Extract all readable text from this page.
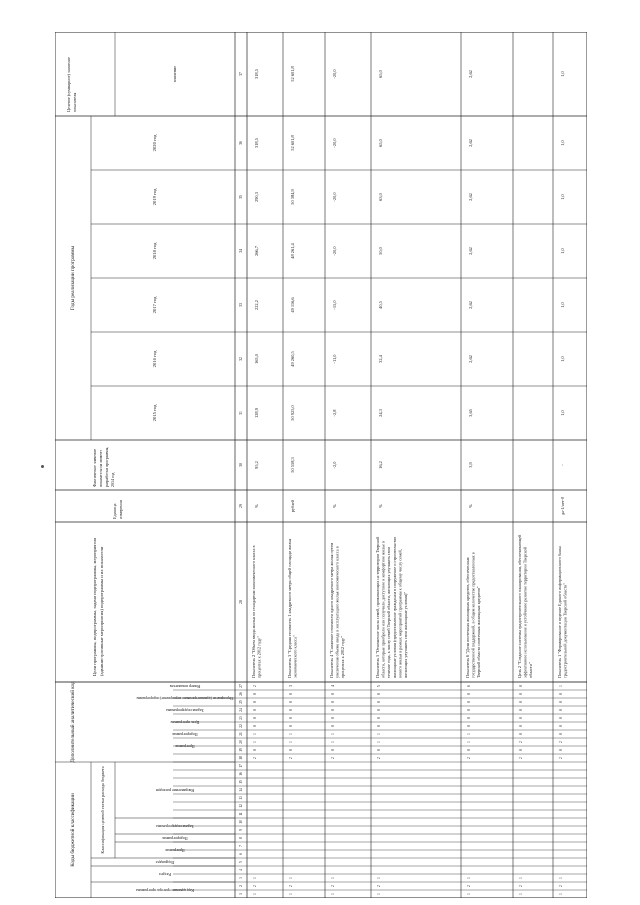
Коды бюджетной классификации
Дополнительный аналитический код
Код администратора программы
Раздел
Подраздел
Классификация целевой статьи расхода бюджета	Программа
Подпрограмма
Задача подпрограммы
Направление расходов
Программа
Подпрограмма
Цель программы
Задача подпрограммы
Мероприятие (административное мероприятие) подпрограммы
Номер показателя
Цели программы, подпрограммы, задачи подпрограммы, мероприятия (административные мероприятия) подпрограммы и их показатели
Единица измерения
Фактическое значение показателя на момент разработки программы, 2014 год
Годы реализации программы
2015 год
2016 год
2017 год
2018 год
2019 год
2020 год
Целевое (суммарное) значение показателя
значение
1
2
3
4
5
6
7
8
9
10
11
12
13
14
15
16
17
18
19
20
21
22
23
24
25
26
27
28
29
30
31
32
33
34
35
36
37
1
2
1
2
0
1
1
0
0
0
0
0
2
Показатель 2 "Объем ввода жилья по стандартам экономического класса в процентах к 2012 году"
%
95,2
128,9
163,0
222,2
266,7
290,3
318,5
318,5
1
2
1
2
0
1
1
0
0
0
0
0
3
Показатель 3 "Средняя стоимость 1 квадратного метра общей площади жилья экономического класса"
рублей
50 558,3
50 925,0
49 260,5
49 116,6
48 261,4
50 384,9
52 601,8
52 601,8
1
2
1
2
0
1
1
0
0
0
0
0
4
Показатель 4 "Снижение стоимости одного квадратного метра жилья путем увеличения объема ввода в эксплуатацию жилья экономического класса в процентах к 2012 году"
%
-2,0
-2,8
-11,0
-15,0
-20,0
-20,0
-20,0
-20,0
1
2
1
2
0
1
1
0
0
0
0
0
5
Показатель 5 "Отношение числа семей, проживающих на территории Тверской области, которые приобрели или получили доступное и комфортное жилье в течение года, к числу семей Тверской области, желающих улучшить свои жилищные условия (предоставление гражданам в сооружение и строительство нового жилья в рамках мероприятий программы к общему числу семей, желающих улучшить свои жилищные условия)"
%
16,2
24,3
32,4
40,5
50,0
63,0
65,0
65,0
1
2
1
2
0
1
1
0
0
0
0
0
6
Показатель 6 "Доля ипотечных жилищных кредитов, обеспеченных государственной поддержкой, в общем количестве предоставленных в Тверской области ипотечных жилищных кредитов"
%
3,9
3,65
2,62
2,62
2,62
2,62
2,62
2,62
1
2
1
2
0
2
0
0
0
0
0
0
0
Цель 2 "Создание системы градостроительного планирования, обеспечивающей эффективное использование и устойчивое развитие территории Тверской области"
1
2
1
2
0
2
0
0
0
0
0
0
1
Показатель 1 "Формирование и ведение Единого информационного банка градостроительной документации Тверской области"
да-1/нет-0
-
1,0
1,0
1,0
1,0
1,0
1,0
1,0
